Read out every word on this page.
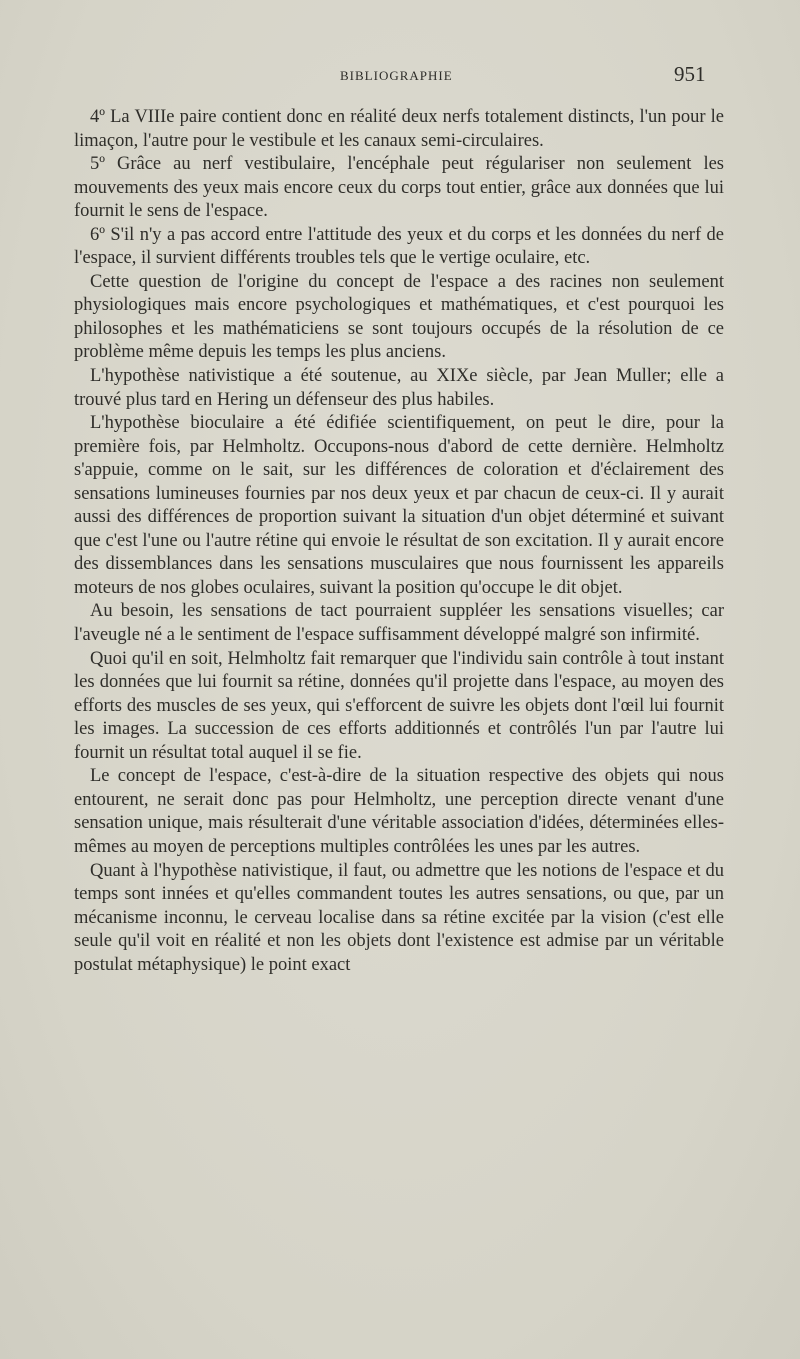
BIBLIOGRAPHIE	951

4º La VIIIe paire contient donc en réalité deux nerfs totalement distincts, l'un pour le limaçon, l'autre pour le vestibule et les canaux semi-circulaires.

5º Grâce au nerf vestibulaire, l'encéphale peut régulariser non seulement les mouvements des yeux mais encore ceux du corps tout entier, grâce aux données que lui fournit le sens de l'espace.

6º S'il n'y a pas accord entre l'attitude des yeux et du corps et les données du nerf de l'espace, il survient différents troubles tels que le vertige oculaire, etc.

Cette question de l'origine du concept de l'espace a des racines non seulement physiologiques mais encore psychologiques et mathématiques, et c'est pourquoi les philosophes et les mathématiciens se sont toujours occupés de la résolution de ce problème même depuis les temps les plus anciens.

L'hypothèse nativistique a été soutenue, au XIXe siècle, par Jean Muller; elle a trouvé plus tard en Hering un défenseur des plus habiles.

L'hypothèse bioculaire a été édifiée scientifiquement, on peut le dire, pour la première fois, par Helmholtz. Occupons-nous d'abord de cette dernière. Helmholtz s'appuie, comme on le sait, sur les différences de coloration et d'éclairement des sensations lumineuses fournies par nos deux yeux et par chacun de ceux-ci. Il y aurait aussi des différences de proportion suivant la situation d'un objet déterminé et suivant que c'est l'une ou l'autre rétine qui envoie le résultat de son excitation. Il y aurait encore des dissemblances dans les sensations musculaires que nous fournissent les appareils moteurs de nos globes oculaires, suivant la position qu'occupe le dit objet.

Au besoin, les sensations de tact pourraient suppléer les sensations visuelles; car l'aveugle né a le sentiment de l'espace suffisamment développé malgré son infirmité.

Quoi qu'il en soit, Helmholtz fait remarquer que l'individu sain contrôle à tout instant les données que lui fournit sa rétine, données qu'il projette dans l'espace, au moyen des efforts des muscles de ses yeux, qui s'efforcent de suivre les objets dont l'œil lui fournit les images. La succession de ces efforts additionnés et contrôlés l'un par l'autre lui fournit un résultat total auquel il se fie.

Le concept de l'espace, c'est-à-dire de la situation respective des objets qui nous entourent, ne serait donc pas pour Helmholtz, une perception directe venant d'une sensation unique, mais résulterait d'une véritable association d'idées, déterminées elles-mêmes au moyen de perceptions multiples contrôlées les unes par les autres.

Quant à l'hypothèse nativistique, il faut, ou admettre que les notions de l'espace et du temps sont innées et qu'elles commandent toutes les autres sensations, ou que, par un mécanisme inconnu, le cerveau localise dans sa rétine excitée par la vision (c'est elle seule qu'il voit en réalité et non les objets dont l'existence est admise par un véritable postulat métaphysique) le point exact
